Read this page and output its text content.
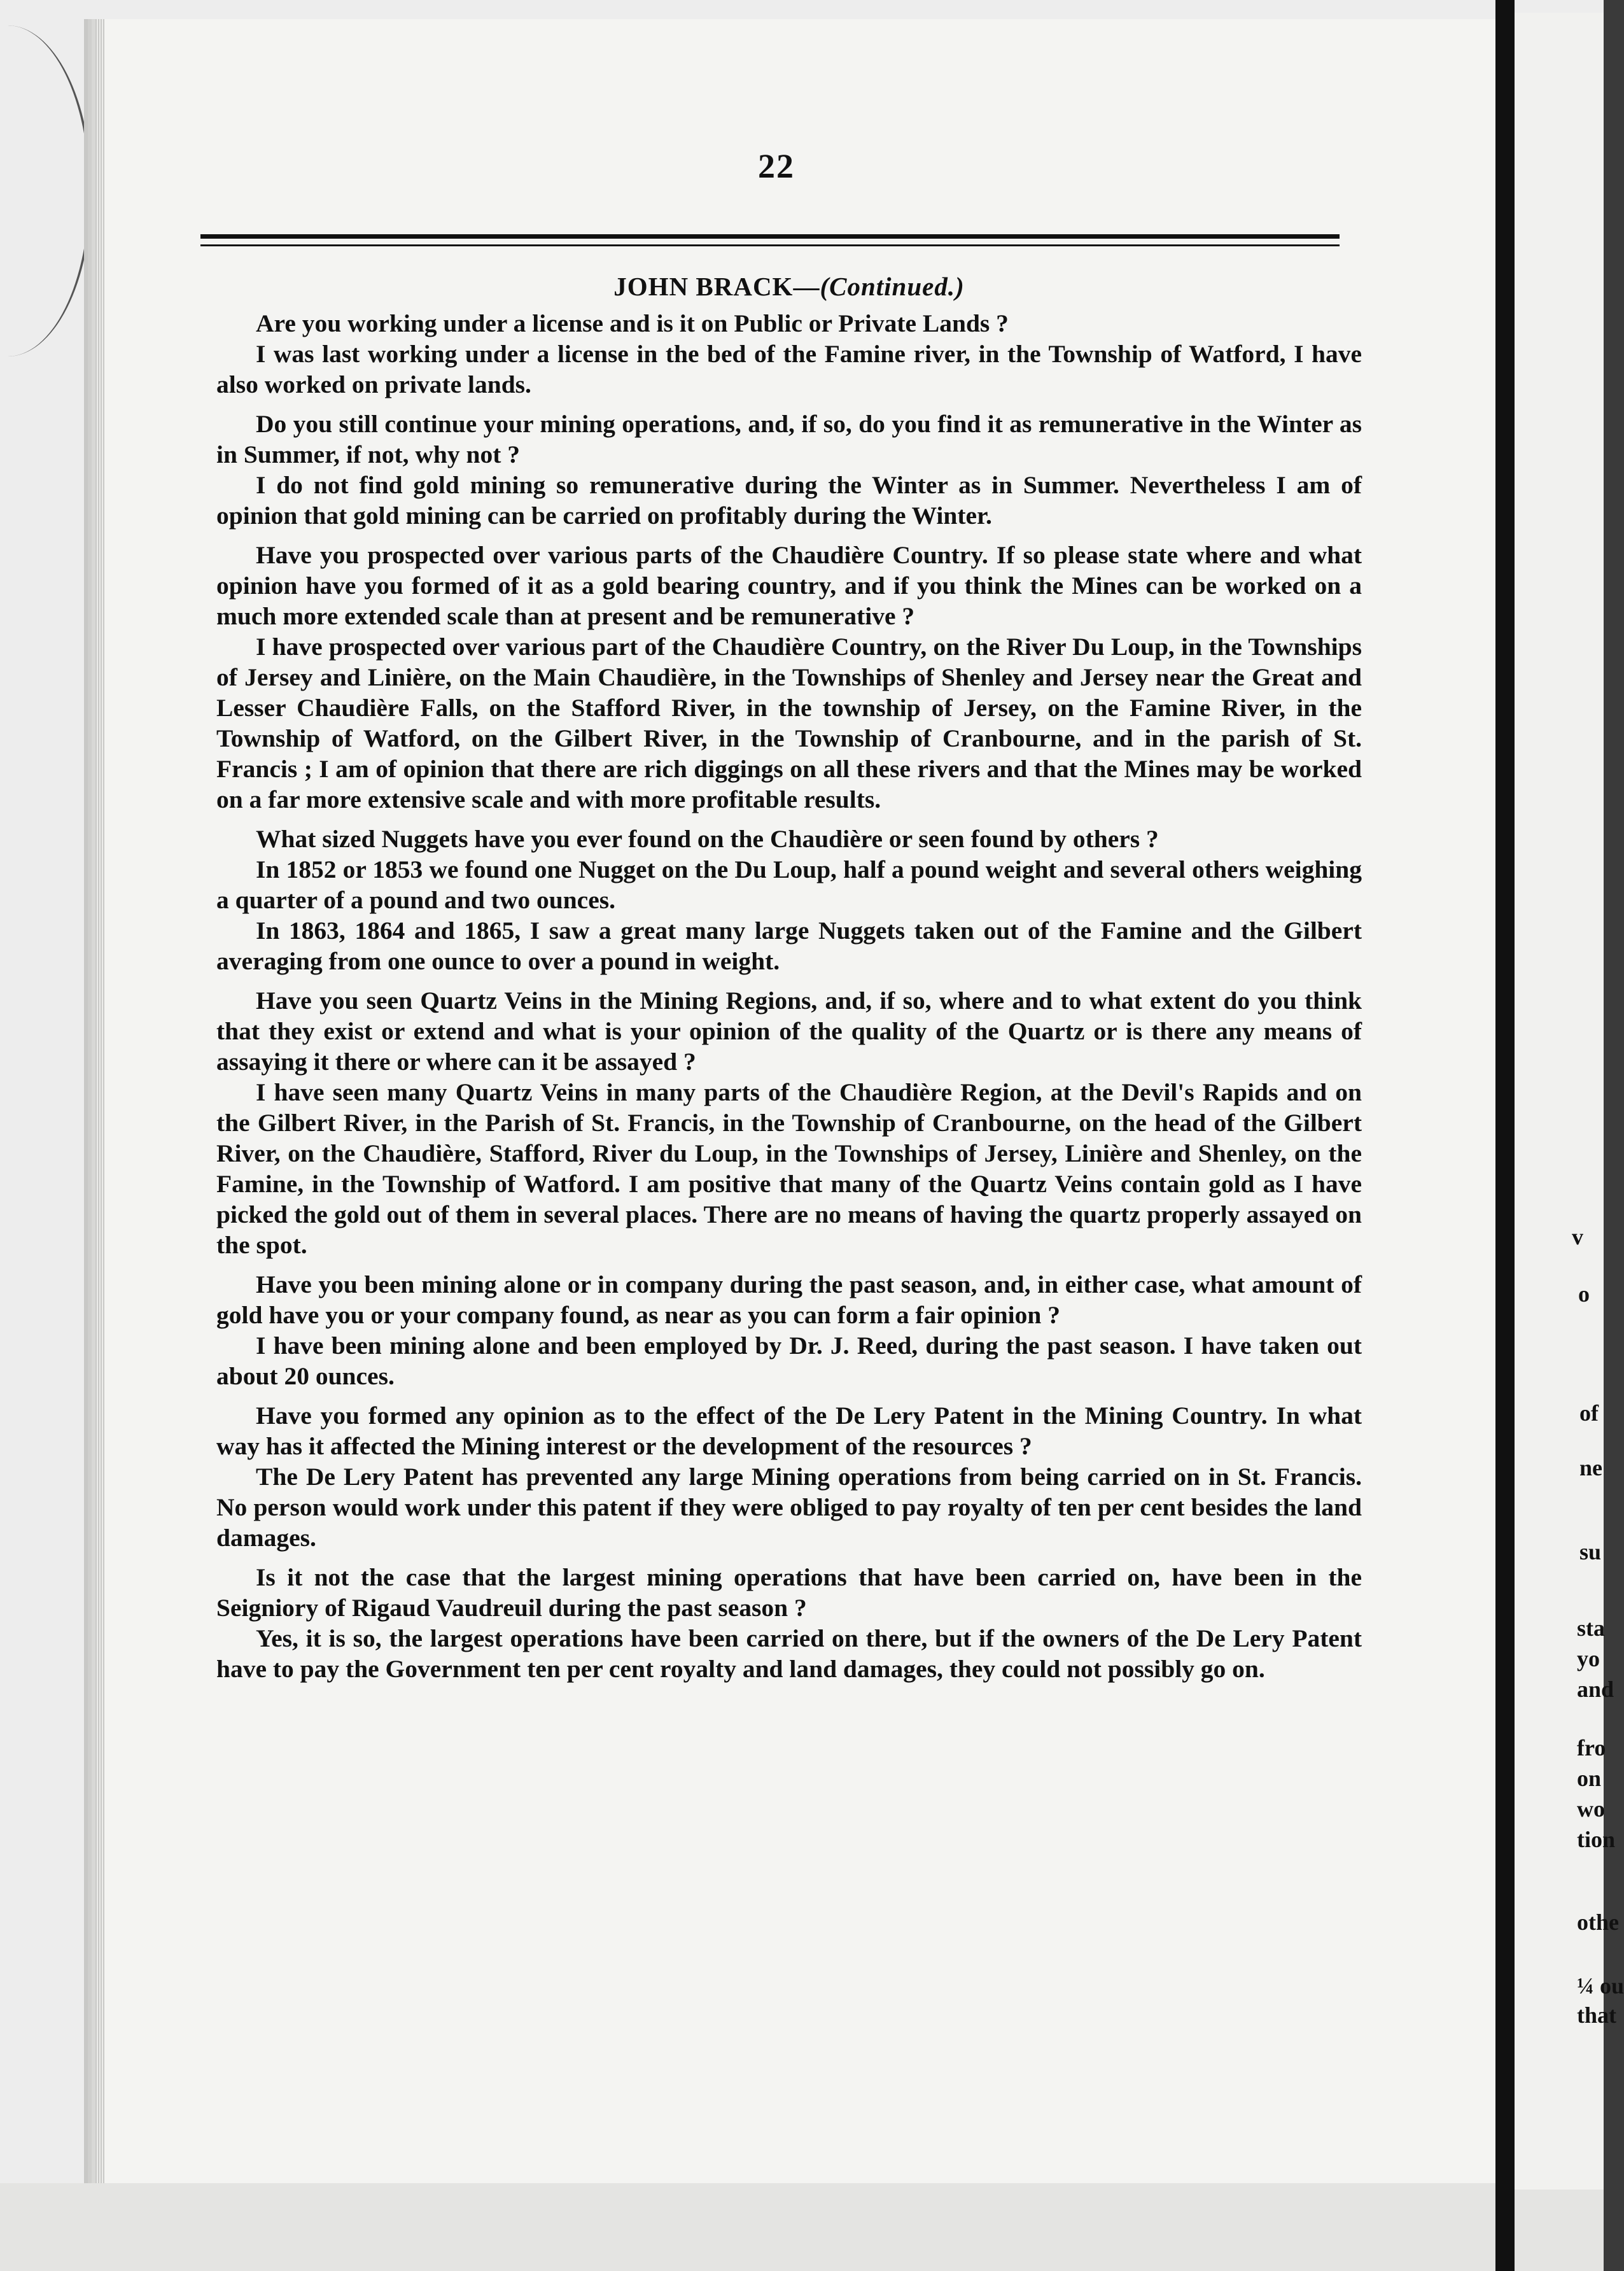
v
o
of
ne
su
sta
yo
and
fro
on
wo
tion
othe
¼ ou
that
22
JOHN BRACK—(Continued.)

Are you working under a license and is it on Public or Private Lands ?

I was last working under a license in the bed of the Famine river, in the Township of Watford, I have also worked on private lands.

Do you still continue your mining operations, and, if so, do you find it as remunerative in the Winter as in Summer, if not, why not ?

I do not find gold mining so remunerative during the Winter as in Summer. Nevertheless I am of opinion that gold mining can be carried on profitably during the Winter.

Have you prospected over various parts of the Chaudière Country. If so please state where and what opinion have you formed of it as a gold bearing country, and if you think the Mines can be worked on a much more extended scale than at present and be remunerative ?

I have prospected over various part of the Chaudière Country, on the River Du Loup, in the Townships of Jersey and Linière, on the Main Chaudière, in the Townships of Shenley and Jersey near the Great and Lesser Chaudière Falls, on the Stafford River, in the township of Jersey, on the Famine River, in the Township of Watford, on the Gilbert River, in the Township of Cranbourne, and in the parish of St. Francis ; I am of opinion that there are rich diggings on all these rivers and that the Mines may be worked on a far more extensive scale and with more profitable results.

What sized Nuggets have you ever found on the Chaudière or seen found by others ?

In 1852 or 1853 we found one Nugget on the Du Loup, half a pound weight and several others weighing a quarter of a pound and two ounces.

In 1863, 1864 and 1865, I saw a great many large Nuggets taken out of the Famine and the Gilbert averaging from one ounce to over a pound in weight.

Have you seen Quartz Veins in the Mining Regions, and, if so, where and to what extent do you think that they exist or extend and what is your opinion of the quality of the Quartz or is there any means of assaying it there or where can it be assayed ?

I have seen many Quartz Veins in many parts of the Chaudière Region, at the Devil's Rapids and on the Gilbert River, in the Parish of St. Francis, in the Township of Cranbourne, on the head of the Gilbert River, on the Chaudière, Stafford, River du Loup, in the Townships of Jersey, Linière and Shenley, on the Famine, in the Township of Watford. I am positive that many of the Quartz Veins contain gold as I have picked the gold out of them in several places. There are no means of having the quartz properly assayed on the spot.

Have you been mining alone or in company during the past season, and, in either case, what amount of gold have you or your company found, as near as you can form a fair opinion ?

I have been mining alone and been employed by Dr. J. Reed, during the past season. I have taken out about 20 ounces.

Have you formed any opinion as to the effect of the De Lery Patent in the Mining Country. In what way has it affected the Mining interest or the development of the resources ?

The De Lery Patent has prevented any large Mining operations from being carried on in St. Francis. No person would work under this patent if they were obliged to pay royalty of ten per cent besides the land damages.

Is it not the case that the largest mining operations that have been carried on, have been in the Seigniory of Rigaud Vaudreuil during the past season ?

Yes, it is so, the largest operations have been carried on there, but if the owners of the De Lery Patent have to pay the Government ten per cent royalty and land damages, they could not possibly go on.
